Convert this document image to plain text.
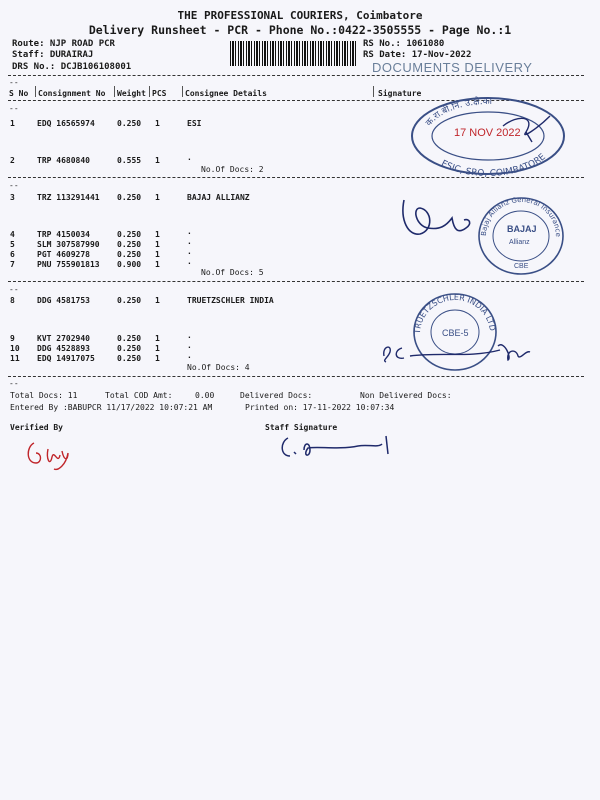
THE PROFESSIONAL COURIERS, Coimbatore
Delivery Runsheet - PCR - Phone No.:0422-3505555 - Page No.:1
Route: NJP ROAD PCR
Staff: DURAIRAJ
DRS No.: DCJB106108001
RS No.: 1061080
RS Date: 17-Nov-2022
DOCUMENTS DELIVERY
--
S No Consignment No Weight PCS Consignee Details	Signature
--
1	EDQ 16565974	0.250 1	ESI
2	TRP 4680840	0.555 1	.
No.Of Docs: 2
--
3	TRZ 113291441 0.250 1	BAJAJ ALLIANZ
4	TRP 4150034	0.250 1	.
5	SLM 307587990 0.250 1	.
6	PGT 4609278	0.250 1	.
7	PNU 755901813 0.900 1	.
No.Of Docs: 5
--
8	DDG 4581753	0.250 1	TRUETZSCHLER INDIA
9	KVT 2702940	0.250 1	.
10 DDG 4528893	0.250 1	.
11 EDQ 14917075	0.250 1	.
No.Of Docs: 4
--
Total Docs: 11	Total COD Amt:	0.00	Delivered Docs:	Non Delivered Docs:
Entered By :BABUPCR 11/17/2022 10:07:21 AM	Printed on: 17-11-2022 10:07:34
Verified By	Staff Signature
क.रा.बी.नि. उ.क्षे.का
ESIC, SRO, COIMBATORE
17 NOV 2022
Bajaj Allianz General Insurance
BAJAJ
Allianz
CBE
TRUETZSCHLER INDIA LTD
CBE-5
